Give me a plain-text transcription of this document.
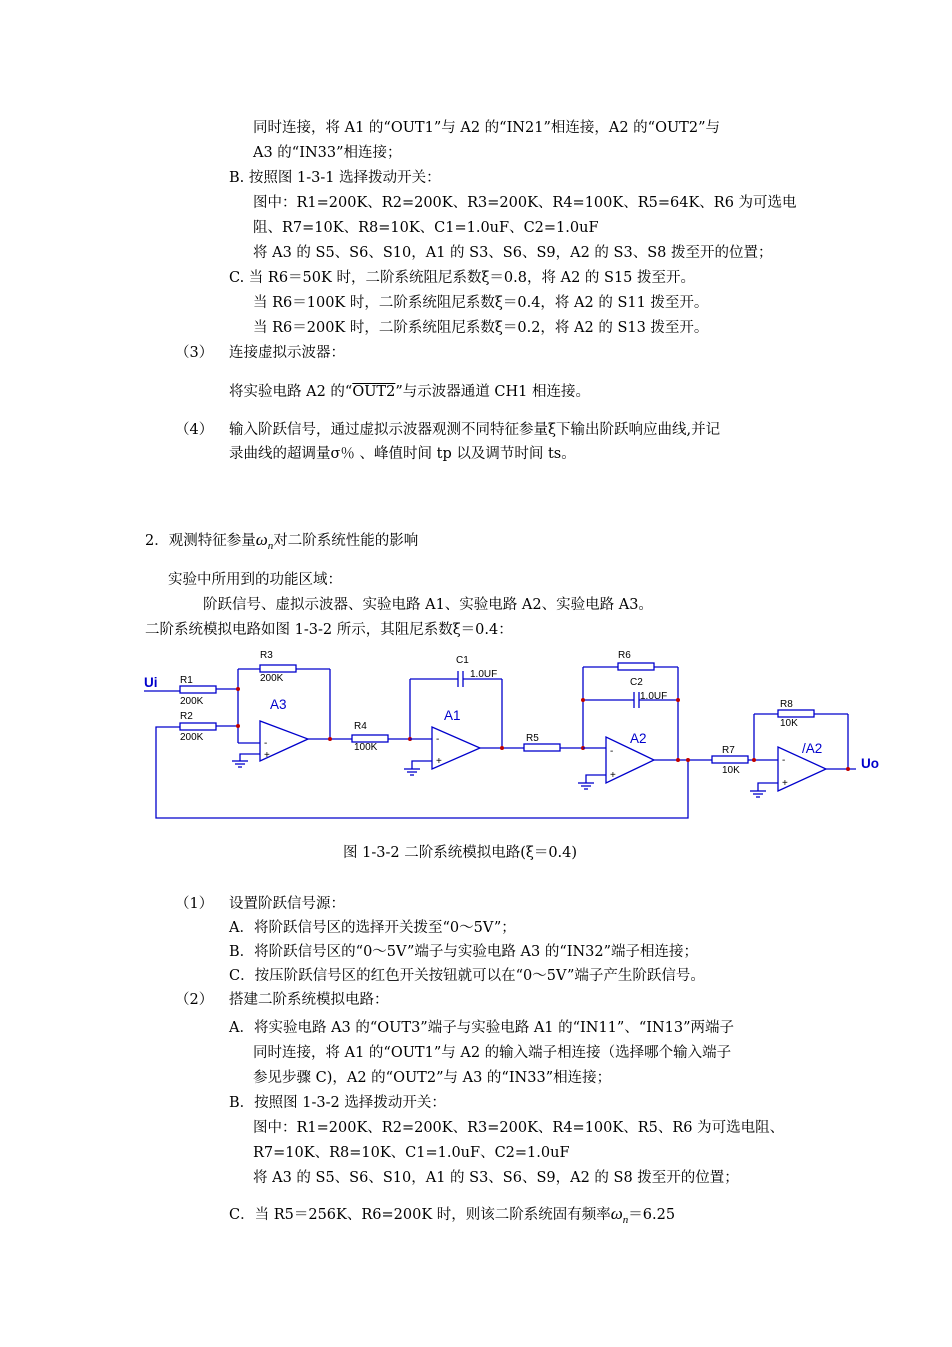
同时连接，将 A1 的“OUT1”与 A2 的“IN21”相连接，A2 的“OUT2”与
A3 的“IN33”相连接；
B. 按照图 1-3-1 选择拨动开关：
图中：R1=200K、R2=200K、R3=200K、R4=100K、R5=64K、R6 为可选电
阻、R7=10K、R8=10K、C1=1.0uF、C2=1.0uF
将 A3 的 S5、S6、S10，A1 的 S3、S6、S9，A2 的 S3、S8 拨至开的位置；
C. 当 R6＝50K 时，二阶系统阻尼系数ξ＝0.8，将 A2 的 S15 拨至开。
当 R6＝100K 时，二阶系统阻尼系数ξ＝0.4，将 A2 的 S11 拨至开。
当 R6＝200K 时，二阶系统阻尼系数ξ＝0.2，将 A2 的 S13 拨至开。
（3） 连接虚拟示波器：
将实验电路 A2 的“OUT2”与示波器通道 CH1 相连接。
（4） 输入阶跃信号，通过虚拟示波器观测不同特征参量ξ下输出阶跃响应曲线,并记
录曲线的超调量σ％ 、峰值时间 tp 以及调节时间 ts。
2．观测特征参量$\omega_n$对二阶系统性能的影响
实验中所用到的功能区域：
阶跃信号、虚拟示波器、实验电路 A1、实验电路 A2、实验电路 A3。
二阶系统模拟电路如图 1-3-2 所示，其阻尼系数ξ＝0.4：
Ui R1
200K
R2
200K
R3
200K
A3
-
+
R4
100K
C1
1.0UF
A1
-
+
R5
R6
C2
1.0UF
A2
-
+
R7
10K
R8
10K
/A2
-
+
Uo
图 1-3-2 二阶系统模拟电路(ξ＝0.4)
（1） 设置阶跃信号源：
A．将阶跃信号区的选择开关拨至“0～5V”；
B．将阶跃信号区的“0～5V”端子与实验电路 A3 的“IN32”端子相连接；
C．按压阶跃信号区的红色开关按钮就可以在“0～5V”端子产生阶跃信号。
（2） 搭建二阶系统模拟电路：
A．将实验电路 A3 的“OUT3”端子与实验电路 A1 的“IN11”、“IN13”两端子
同时连接，将 A1 的“OUT1”与 A2 的输入端子相连接（选择哪个输入端子
参见步骤 C)，A2 的“OUT2”与 A3 的“IN33”相连接；
B．按照图 1-3-2 选择拨动开关：
图中：R1=200K、R2=200K、R3=200K、R4=100K、R5、R6 为可选电阻、
R7=10K、R8=10K、C1=1.0uF、C2=1.0uF
将 A3 的 S5、S6、S10，A1 的 S3、S6、S9，A2 的 S8 拨至开的位置；
C．当 R5＝256K、R6=200K 时，则该二阶系统固有频率$\omega_n=6.25$
